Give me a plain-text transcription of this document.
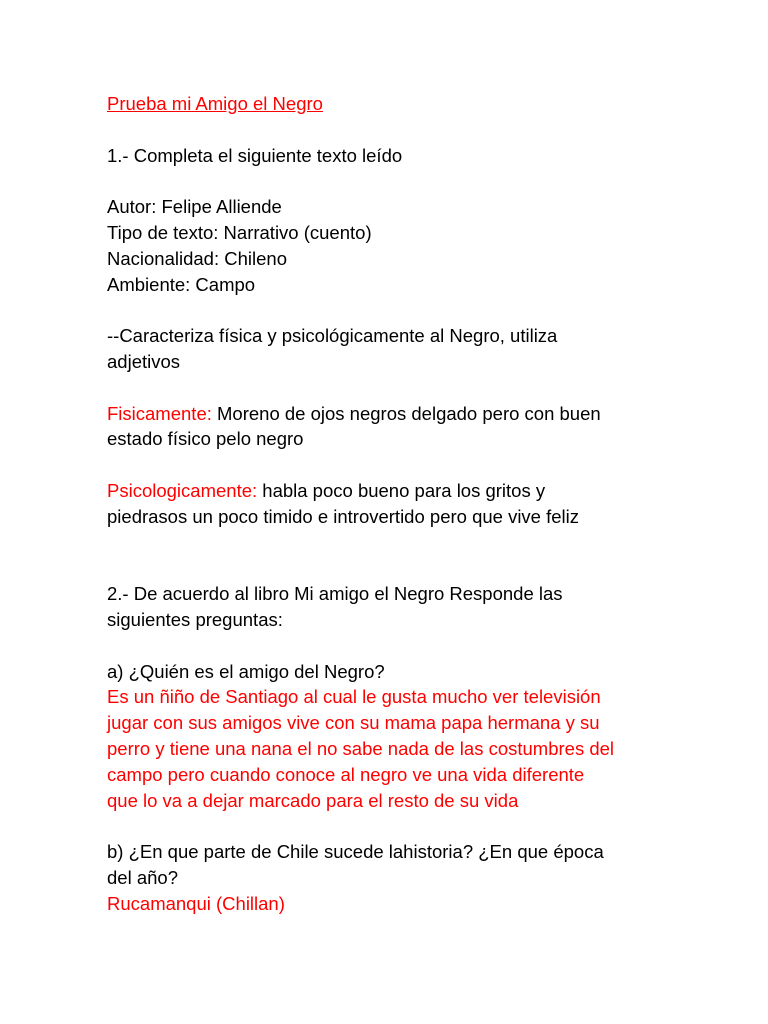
Prueba mi Amigo el Negro

1.- Completa el siguiente texto leído

Autor: Felipe Alliende

Tipo de texto: Narrativo (cuento)

Nacionalidad: Chileno

Ambiente: Campo

--Caracteriza física y psicológicamente al Negro, utiliza

adjetivos

Fisicamente: Moreno de ojos negros delgado pero con buen

estado físico pelo negro

Psicologicamente: habla poco bueno para los gritos y

piedrasos un poco timido e introvertido pero que vive feliz

2.- De acuerdo al libro Mi amigo el Negro Responde las

siguientes preguntas:

a) ¿Quién es el amigo del Negro?

Es un ñiño de Santiago al cual le gusta mucho ver televisión

jugar con sus amigos vive con su mama papa hermana y su

perro y tiene una nana el no sabe nada de las costumbres del

campo pero cuando conoce al negro ve una vida diferente

que lo va a dejar marcado para el resto de su vida

b) ¿En que parte de Chile sucede lahistoria? ¿En que época

del año?

Rucamanqui (Chillan)
